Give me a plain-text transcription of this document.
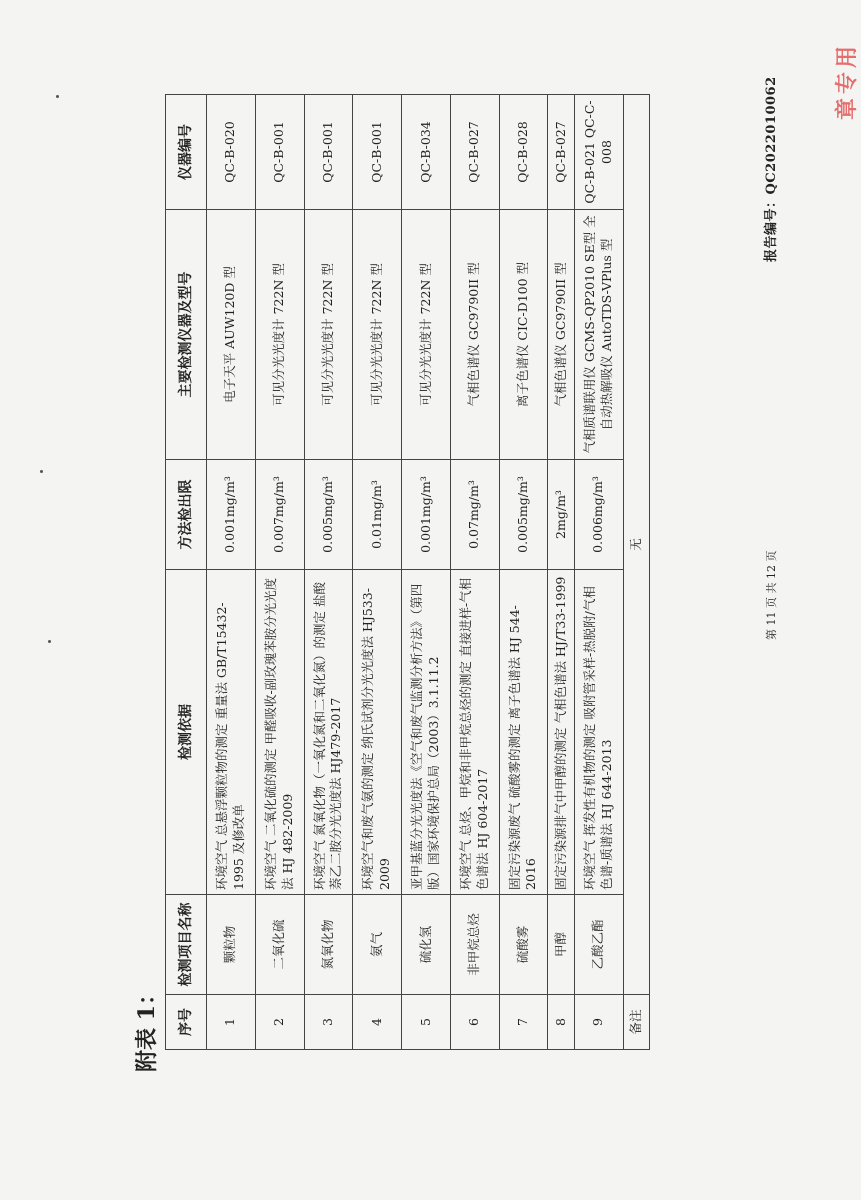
报告编号：QC202201006​2
附表 1： 序号	检测项目名称	检测依据	方法检出限	主要检测仪器及型号	仪器编号
1	颗粒物	环境空气 总悬浮颗粒物的测定 重量法 GB/T15432-1995 及修改单	0.001mg/m³	电子天平 AUW120D 型	QC-B-020
2	二氧化硫	环境空气 二氧化硫的测定 甲醛吸收-副玫瑰苯胺分光光度法 HJ 482-2009	0.007mg/m³	可见分光光度计 722N 型	QC-B-001
3	氮氧化物	环境空气 氮氧化物（一氧化氮和二氧化氮）的测定 盐酸萘乙二胺分光光度法 HJ479-2017	0.005mg/m³	可见分光光度计 722N 型	QC-B-001
4	氨气	环境空气和废气氨的测定 纳氏试剂分光光度法 HJ533-2009	0.01mg/m³	可见分光光度计 722N 型	QC-B-001
5	硫化氢	亚甲基蓝分光光度法《空气和废气监测分析方法》（第四版）国家环境保护总局（2003）3.1.11.2	0.001mg/m³	可见分光光度计 722N 型	QC-B-034
6	非甲烷总烃	环境空气 总烃、甲烷和非甲烷总烃的测定 直接进样-气相色谱法 HJ 604-2017	0.07mg/m³	气相色谱仪 GC9790II 型	QC-B-027
7	硫酸雾	固定污染源废气 硫酸雾的测定 离子色谱法 HJ 544-2016	0.005mg/m³	离子色谱仪 CIC-D100 型	QC-B-028
8	甲醇	固定污染源排气中甲醇的测定 气相色谱法 HJ/T33-1999	2mg/m³	气相色谱仪 GC9790II 型	QC-B-027
9	乙酸乙酯	环境空气 挥发性有机物的测定 吸附管采样-热脱附/气相色谱-质谱法 HJ 644-2013	0.006mg/m³	气相质谱联用仪 GCMS-QP2010 SE型 全自动热解吸仪 AutoTDS-VPlus 型	QC-B-021 QC-C-008
备注	无				
第 11 页 共 12 页
章专用
